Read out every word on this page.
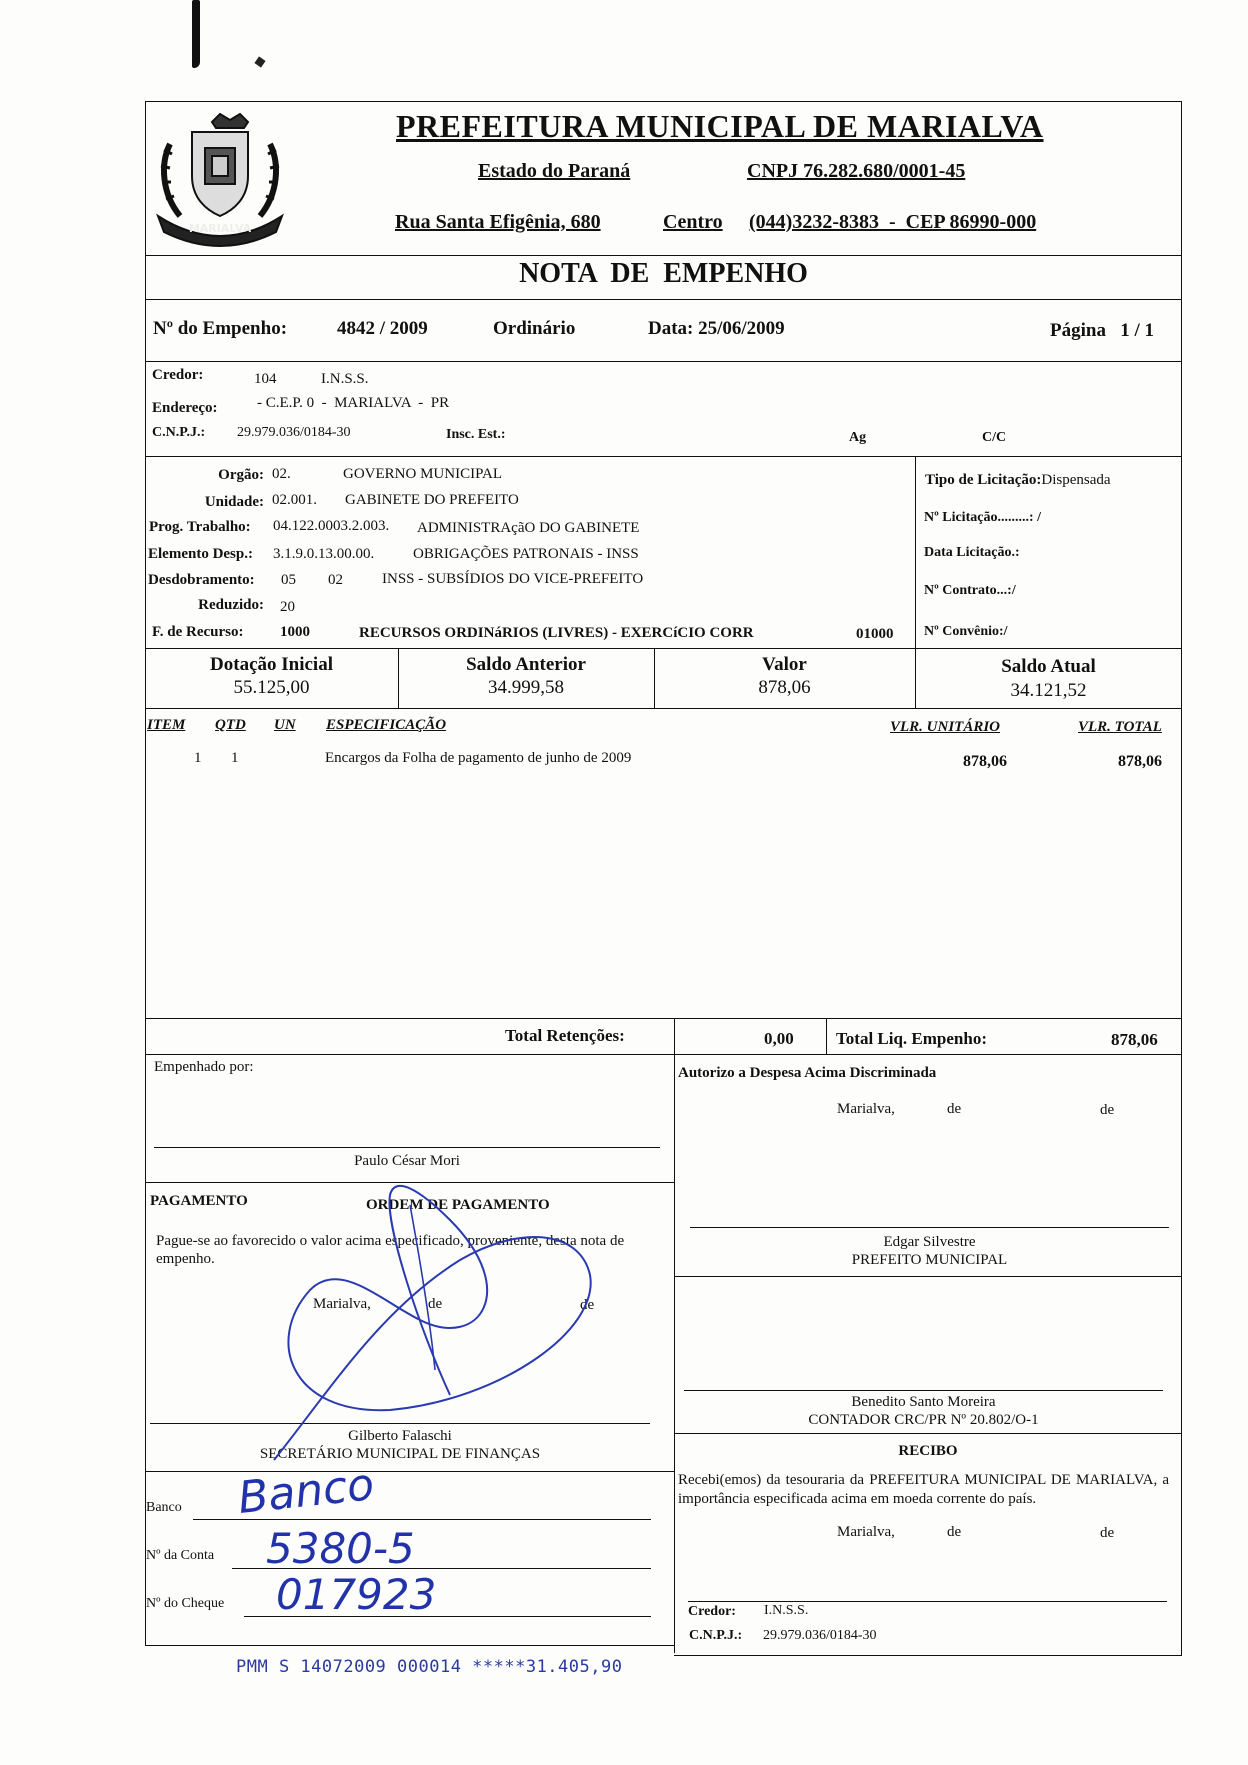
MARIALVA
PREFEITURA MUNICIPAL DE MARIALVA
Estado do Paraná	CNPJ 76.282.680/0001-45
Rua Santa Efigênia, 680	Centro (044)3232-8383  -  CEP 86990-000
NOTA  DE  EMPENHO
Nº do Empenho:	4842 / 2009	Ordinário	Data: 25/06/2009	Página   1 / 1
Credor:	104	I.N.S.S.
Endereço:	- C.E.P. 0  -  MARIALVA  -  PR
C.N.P.J.: 29.979.036/0184-30	Insc. Est.:	Ag	C/C
Orgão: 02.	GOVERNO MUNICIPAL
Unidade: 02.001. GABINETE DO PREFEITO
Prog. Trabalho: 04.122.0003.2.003. ADMINISTRAçãO DO GABINETE
Elemento Desp.: 3.1.9.0.13.00.00.	OBRIGAÇÕES PATRONAIS - INSS
Desdobramento: 05 02	INSS - SUBSÍDIOS DO VICE-PREFEITO
Reduzido: 20
F. de Recurso: 1000	RECURSOS ORDINáRIOS (LIVRES) - EXERCíCIO CORR	01000
Tipo de Licitação:Dispensada
Nº Licitação.........: /
Data Licitação.:
Nº Contrato...:/
Nº Convênio:/
Dotação Inicial
55.125,00
Saldo Anterior
34.999,58
Valor
878,06
Saldo Atual
34.121,52
ITEM QTD UN ESPECIFICAÇÃO	VLR. UNITÁRIO	VLR. TOTAL
1 1	Encargos da Folha de pagamento de junho de 2009	878,06	878,06
Total Retenções:	0,00 Total Liq. Empenho:	878,06
Empenhado por:
Paulo César Mori
Autorizo a Despesa Acima Discriminada
Marialva,	de	de
Edgar Silvestre
PREFEITO MUNICIPAL
PAGAMENTO	ORDEM DE PAGAMENTO
Pague-se ao favorecido o valor acima especificado, proveniente, desta nota de empenho.
Marialva,	de	de
Gilberto Falaschi
SECRETÁRIO MUNICIPAL DE FINANÇAS
Benedito Santo Moreira
CONTADOR CRC/PR Nº 20.802/O-1
RECIBO
Recebi(emos) da tesouraria da PREFEITURA MUNICIPAL DE MARIALVA, a importância especificada acima em moeda corrente do país.
Marialva,	de	de
Credor: I.N.S.S.
C.N.P.J.: 29.979.036/0184-30
Banco Banco
Nº da Conta 5380-5
Nº do Cheque 017923
PMM S 14072009 000014 *****31.405,90
